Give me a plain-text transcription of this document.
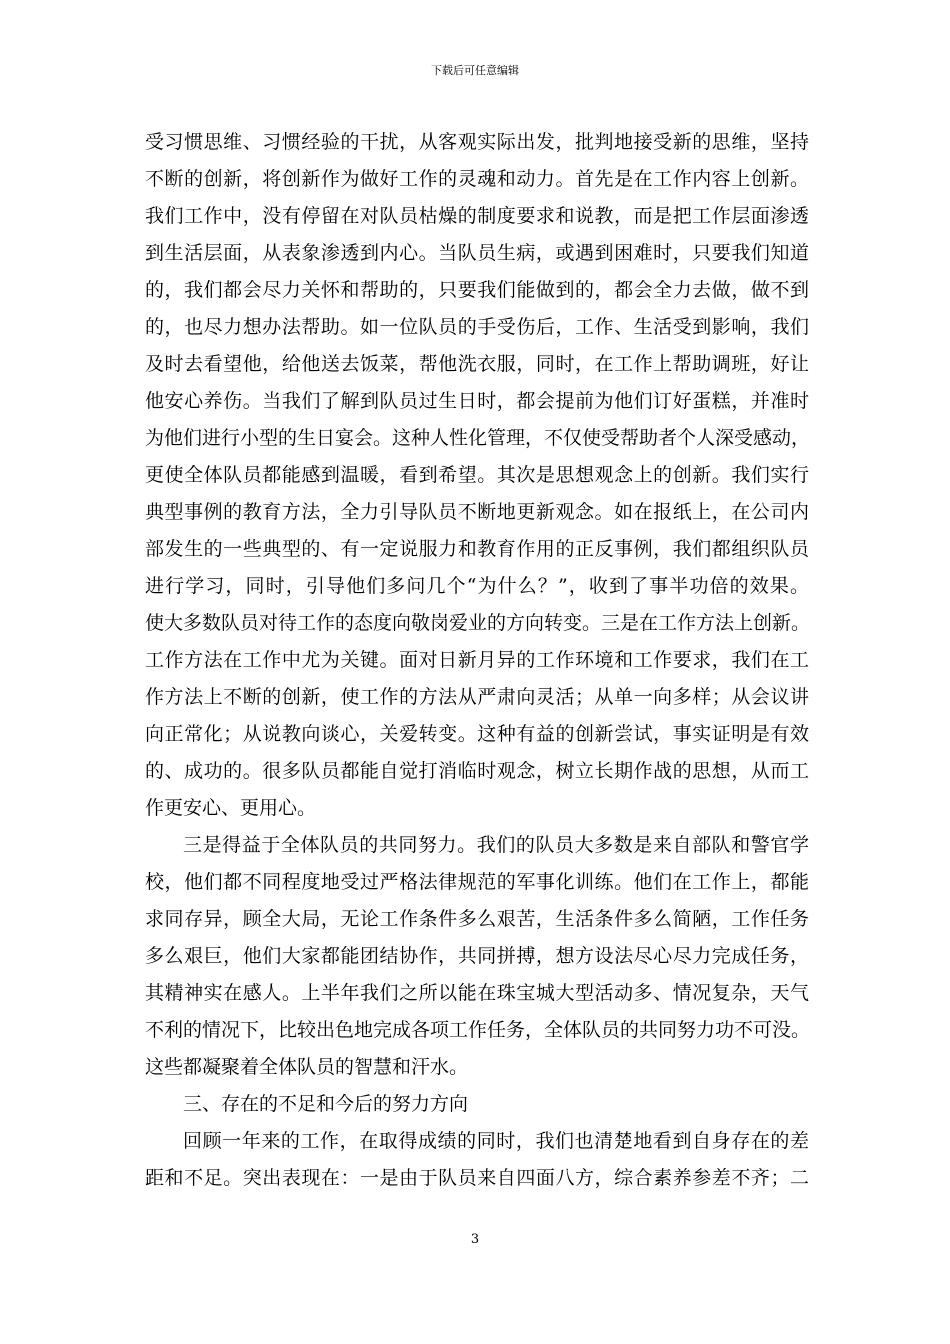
下载后可任意编辑
受习惯思维、习惯经验的干扰，从客观实际出发，批判地接受新的思维，坚持
不断的创新，将创新作为做好工作的灵魂和动力。首先是在工作内容上创新。
我们工作中，没有停留在对队员枯燥的制度要求和说教，而是把工作层面渗透
到生活层面，从表象渗透到内心。当队员生病，或遇到困难时，只要我们知道
的，我们都会尽力关怀和帮助的，只要我们能做到的，都会全力去做，做不到
的，也尽力想办法帮助。如一位队员的手受伤后，工作、生活受到影响，我们
及时去看望他，给他送去饭菜，帮他洗衣服，同时，在工作上帮助调班，好让
他安心养伤。当我们了解到队员过生日时，都会提前为他们订好蛋糕，并准时
为他们进行小型的生日宴会。这种人性化管理，不仅使受帮助者个人深受感动，
更使全体队员都能感到温暖，看到希望。其次是思想观念上的创新。我们实行
典型事例的教育方法，全力引导队员不断地更新观念。如在报纸上，在公司内
部发生的一些典型的、有一定说服力和教育作用的正反事例，我们都组织队员
进行学习，同时，引导他们多问几个“为什么？”，收到了事半功倍的效果。
使大多数队员对待工作的态度向敬岗爱业的方向转变。三是在工作方法上创新。
工作方法在工作中尤为关键。面对日新月异的工作环境和工作要求，我们在工
作方法上不断的创新，使工作的方法从严肃向灵活；从单一向多样；从会议讲
向正常化；从说教向谈心，关爱转变。这种有益的创新尝试，事实证明是有效
的、成功的。很多队员都能自觉打消临时观念，树立长期作战的思想，从而工
作更安心、更用心。
三是得益于全体队员的共同努力。我们的队员大多数是来自部队和警官学
校，他们都不同程度地受过严格法律规范的军事化训练。他们在工作上，都能
求同存异，顾全大局，无论工作条件多么艰苦，生活条件多么简陋，工作任务
多么艰巨，他们大家都能团结协作，共同拼搏，想方设法尽心尽力完成任务，
其精神实在感人。上半年我们之所以能在珠宝城大型活动多、情况复杂，天气
不利的情况下，比较出色地完成各项工作任务，全体队员的共同努力功不可没。
这些都凝聚着全体队员的智慧和汗水。
三、存在的不足和今后的努力方向
回顾一年来的工作，在取得成绩的同时，我们也清楚地看到自身存在的差
距和不足。突出表现在：一是由于队员来自四面八方，综合素养参差不齐；二
3
